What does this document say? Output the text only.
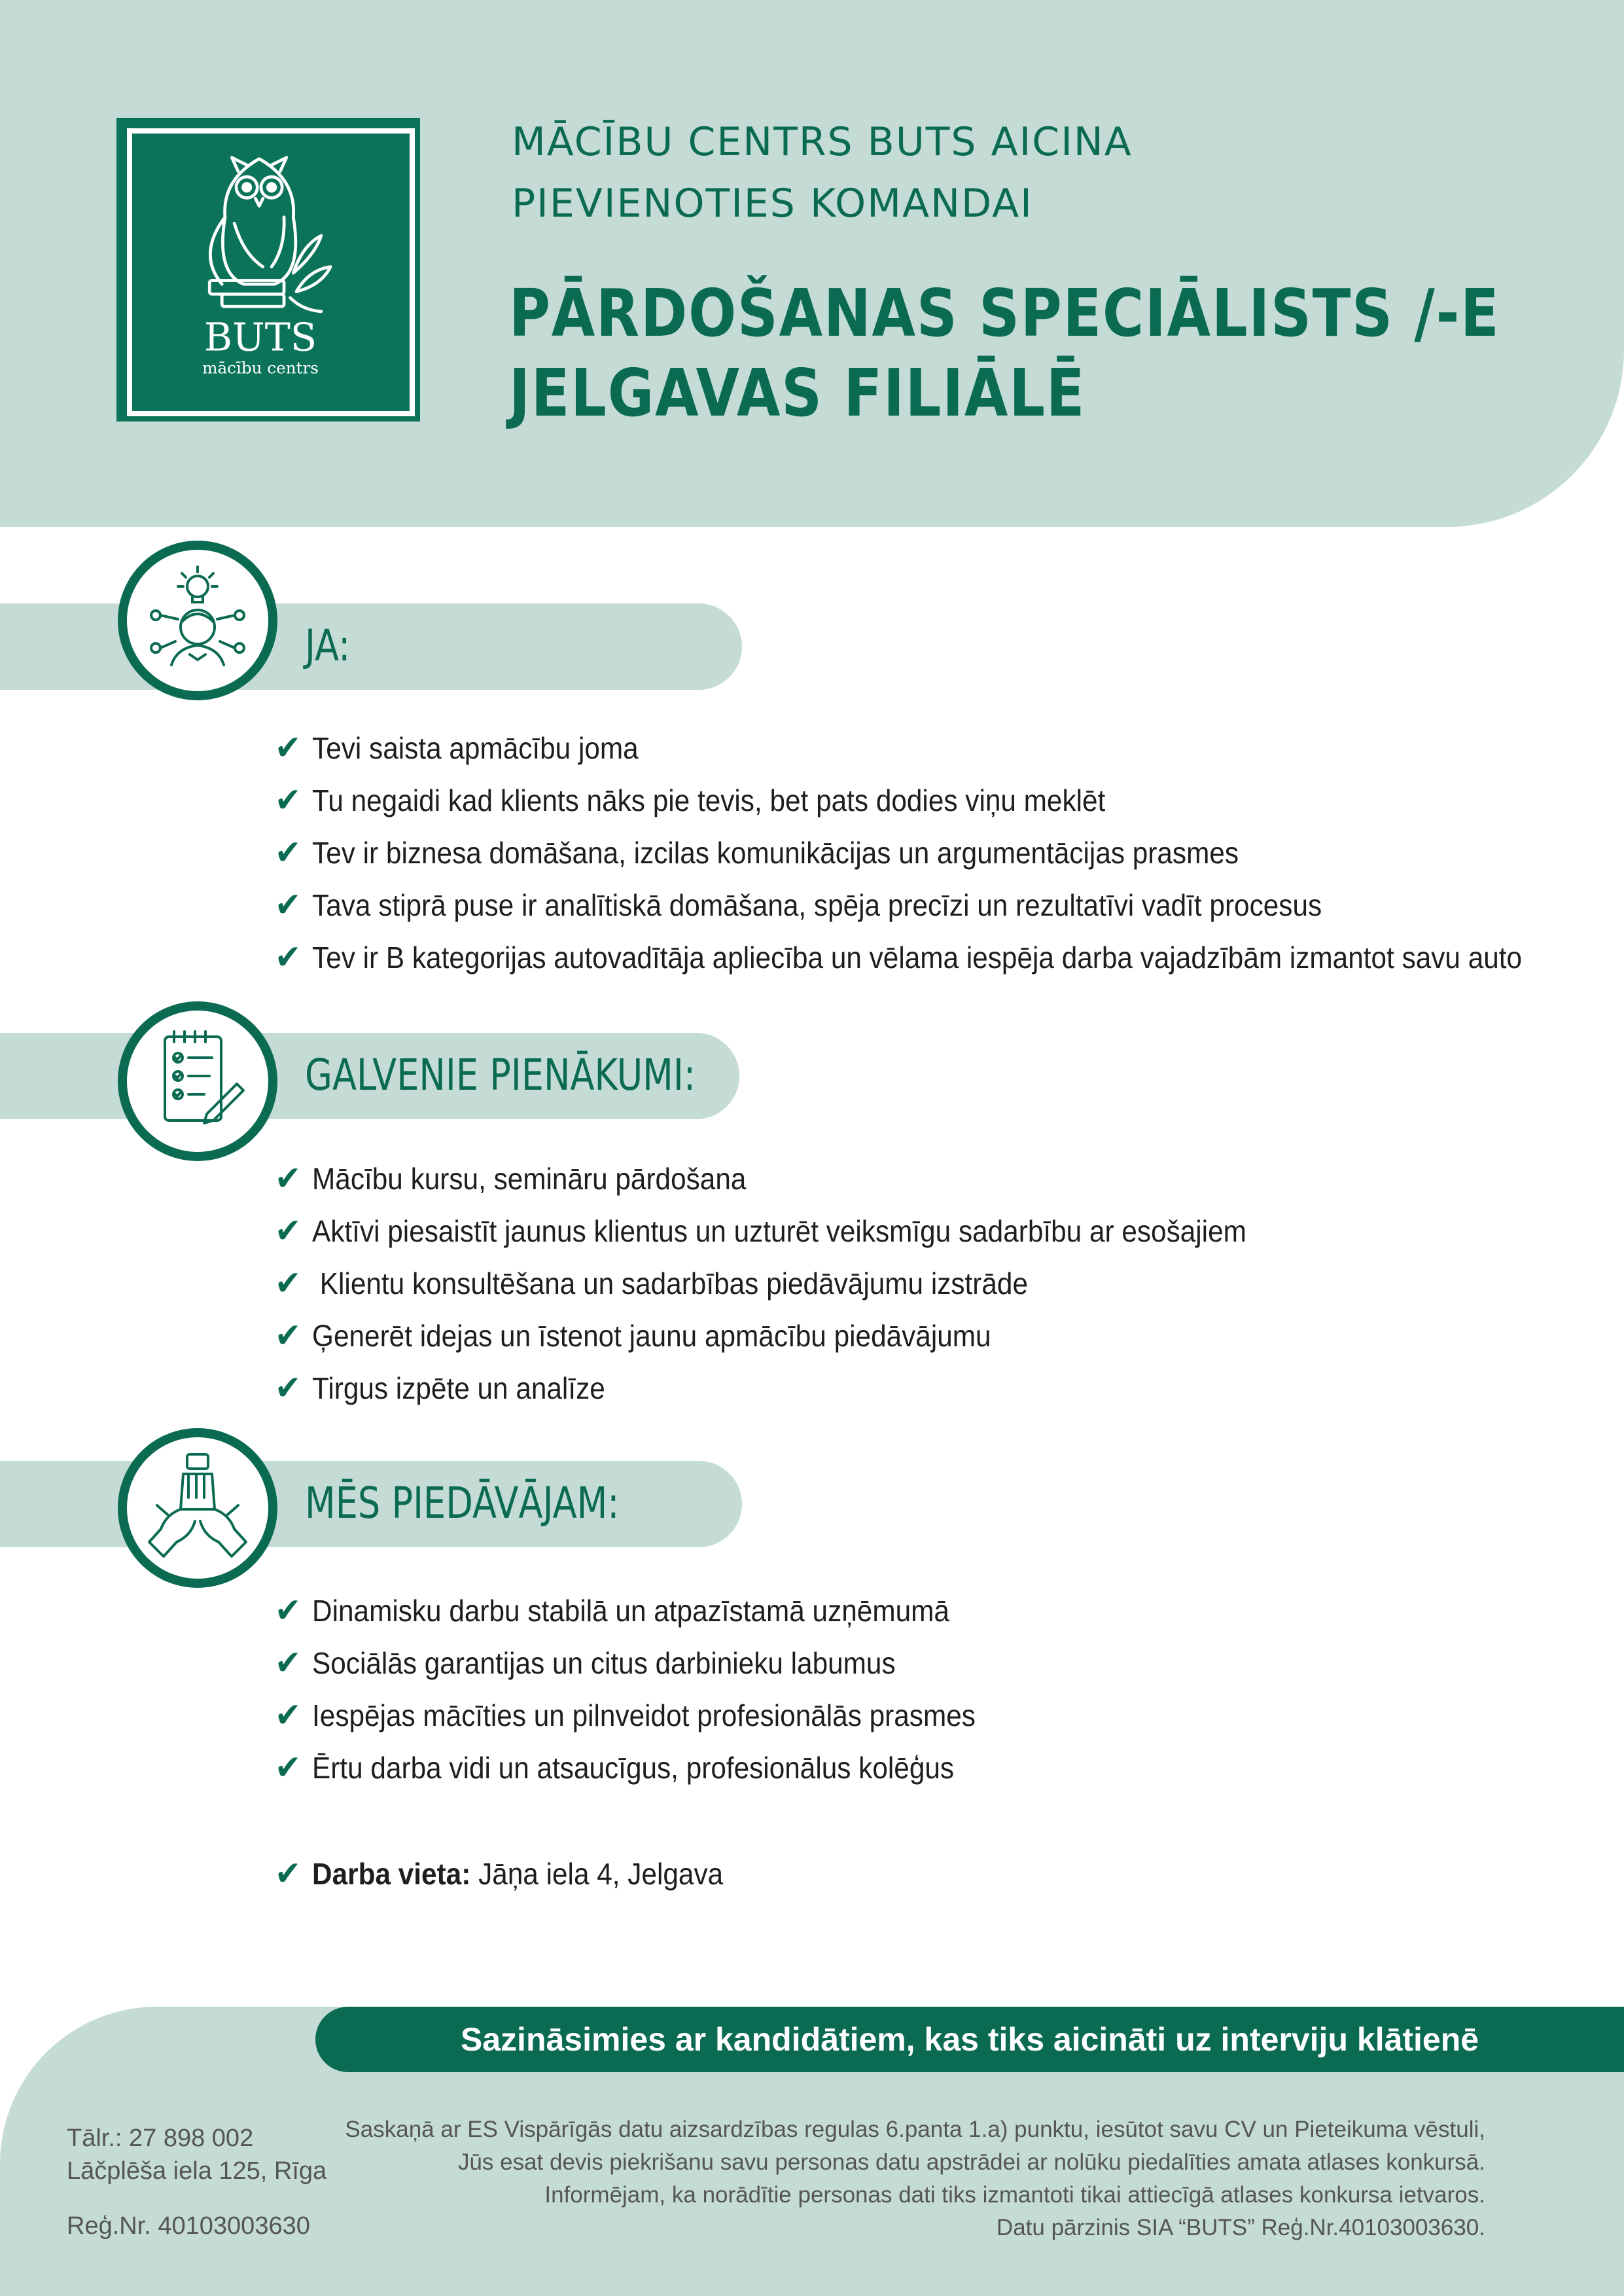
BUTS
mācību centrs
MĀCĪBU CENTRS BUTS AICINA
PIEVIENOTIES KOMANDAI
PĀRDOŠANAS SPECIĀLISTS /-E
JELGAVAS FILIĀLĒ
JA:
✔ Tevi saista apmācību joma
✔ Tu negaidi kad klients nāks pie tevis, bet pats dodies viņu meklēt
✔ Tev ir biznesa domāšana, izcilas komunikācijas un argumentācijas prasmes
✔ Tava stiprā puse ir analītiskā domāšana, spēja precīzi un rezultatīvi vadīt procesus
✔ Tev ir B kategorijas autovadītāja apliecība un vēlama iespēja darba vajadzībām izmantot savu auto
GALVENIE PIENĀKUMI:
✔ Mācību kursu, semināru pārdošana
✔ Aktīvi piesaistīt jaunus klientus un uzturēt veiksmīgu sadarbību ar esošajiem
✔ Klientu konsultēšana un sadarbības piedāvājumu izstrāde
✔ Ģenerēt idejas un īstenot jaunu apmācību piedāvājumu
✔ Tirgus izpēte un analīze
MĒS PIEDĀVĀJAM:
✔ Dinamisku darbu stabilā un atpazīstamā uzņēmumā
✔ Sociālās garantijas un citus darbinieku labumus
✔ Iespējas mācīties un pilnveidot profesionālās prasmes
✔ Ērtu darba vidi un atsaucīgus, profesionālus kolēģus
✔ Darba vieta: Jāņa iela 4, Jelgava
Sazināsimies ar kandidātiem, kas tiks aicināti uz interviju klātienē
Tālr.: 27 898 002
Lāčplēša iela 125, Rīga
Reģ.Nr. 40103003630
Saskaņā ar ES Vispārīgās datu aizsardzības regulas 6.panta 1.a) punktu, iesūtot savu CV un Pieteikuma vēstuli,
Jūs esat devis piekrišanu savu personas datu apstrādei ar nolūku piedalīties amata atlases konkursā.
Informējam, ka norādītie personas dati tiks izmantoti tikai attiecīgā atlases konkursa ietvaros.
Datu pārzinis SIA “BUTS” Reģ.Nr.40103003630.
